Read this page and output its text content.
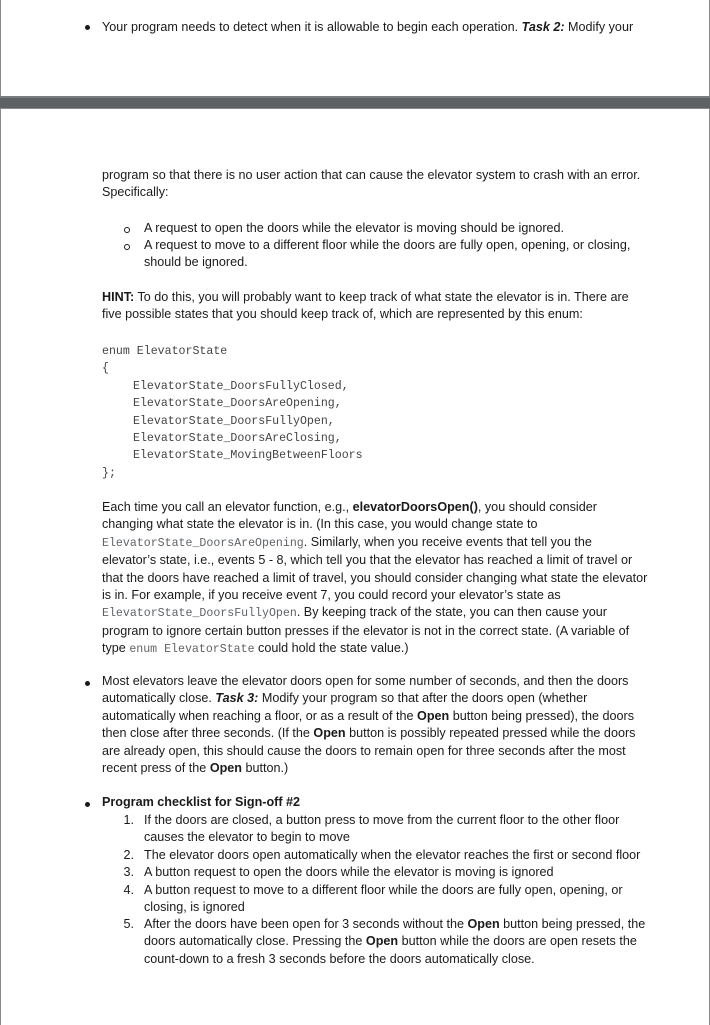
Your program needs to detect when it is allowable to begin each operation. Task 2: Modify your
program so that there is no user action that can cause the elevator system to crash with an error.
Specifically:
A request to open the doors while the elevator is moving should be ignored.
A request to move to a different floor while the doors are fully open, opening, or closing,
should be ignored.
HINT: To do this, you will probably want to keep track of what state the elevator is in. There are
five possible states that you should keep track of, which are represented by this enum:
enum ElevatorState
{
ElevatorState_DoorsFullyClosed,
ElevatorState_DoorsAreOpening,
ElevatorState_DoorsFullyOpen,
ElevatorState_DoorsAreClosing,
ElevatorState_MovingBetweenFloors
};
Each time you call an elevator function, e.g., elevatorDoorsOpen(), you should consider
changing what state the elevator is in. (In this case, you would change state to
ElevatorState_DoorsAreOpening. Similarly, when you receive events that tell you the
elevator’s state, i.e., events 5 - 8, which tell you that the elevator has reached a limit of travel or
that the doors have reached a limit of travel, you should consider changing what state the elevator
is in. For example, if you receive event 7, you could record your elevator’s state as
ElevatorState_DoorsFullyOpen. By keeping track of the state, you can then cause your
program to ignore certain button presses if the elevator is not in the correct state. (A variable of
type enum ElevatorState could hold the state value.)
Most elevators leave the elevator doors open for some number of seconds, and then the doors
automatically close. Task 3: Modify your program so that after the doors open (whether
automatically when reaching a floor, or as a result of the Open button being pressed), the doors
then close after three seconds. (If the Open button is possibly repeated pressed while the doors
are already open, this should cause the doors to remain open for three seconds after the most
recent press of the Open button.)
Program checklist for Sign-off #2
1. If the doors are closed, a button press to move from the current floor to the other floor
causes the elevator to begin to move
2. The elevator doors open automatically when the elevator reaches the first or second floor
3. A button request to open the doors while the elevator is moving is ignored
4. A button request to move to a different floor while the doors are fully open, opening, or
closing, is ignored
5. After the doors have been open for 3 seconds without the Open button being pressed, the
doors automatically close. Pressing the Open button while the doors are open resets the
count-down to a fresh 3 seconds before the doors automatically close.
